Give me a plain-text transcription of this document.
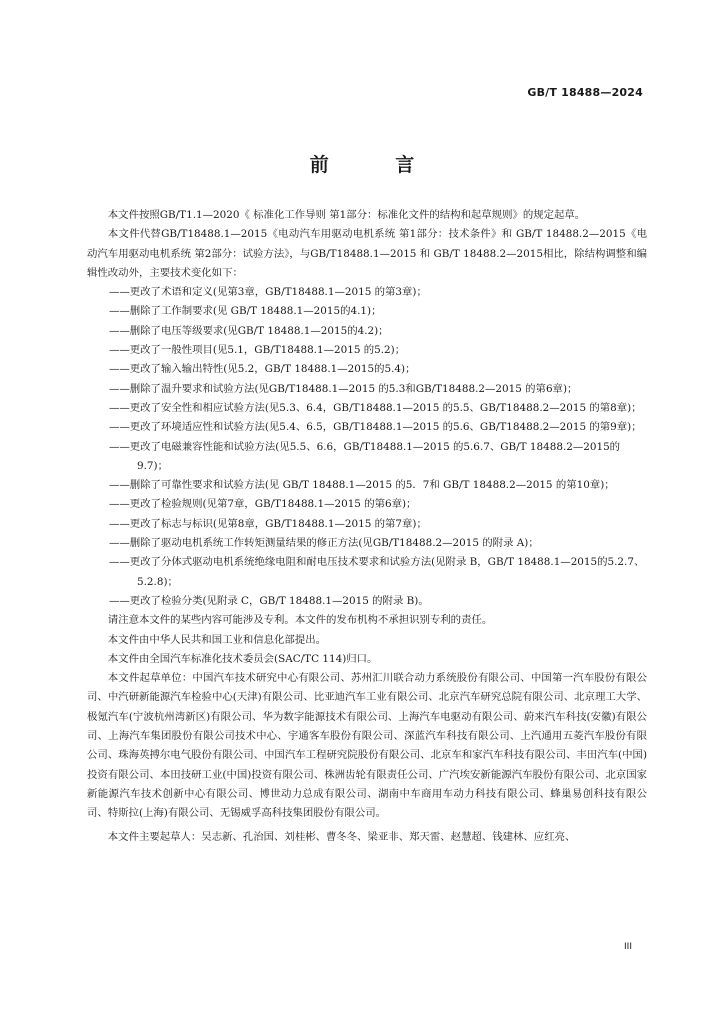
GB/T 18488—2024
前 言

本文件按照GB/T1.1—2020《 标准化工作导则 第1部分：标准化文件的结构和起草规则》的规定起草。

本文件代替GB/T18488.1—2015《电动汽车用驱动电机系统 第1部分：技术条件》和 GB/T 18488.2—2015《电动汽车用驱动电机系统 第2部分：试验方法》，与GB/T18488.1—2015 和 GB/T 18488.2—2015相比，除结构调整和编辑性改动外，主要技术变化如下：

——更改了术语和定义(见第3章，GB/T18488.1—2015 的第3章)；

——删除了工作制要求(见 GB/T 18488.1—2015的4.1)；

——删除了电压等级要求(见GB/T 18488.1—2015的4.2)；

——更改了一般性项目(见5.1，GB/T18488.1—2015 的5.2)；

——更改了输入输出特性(见5.2，GB/T 18488.1—2015的5.4)；

——删除了温升要求和试验方法(见GB/T18488.1—2015 的5.3和GB/T18488.2—2015 的第6章)；

——更改了安全性和相应试验方法(见5.3、6.4，GB/T18488.1—2015 的5.5、GB/T18488.2—2015 的第8章)；

——更改了环境适应性和试验方法(见5.4、6.5，GB/T18488.1—2015 的5.6、GB/T18488.2—2015 的第9章)；

——更改了电磁兼容性能和试验方法(见5.5、6.6，GB/T18488.1—2015 的5.6.7、GB/T 18488.2—2015的9.7)；

——删除了可靠性要求和试验方法(见 GB/T 18488.1—2015 的5．7和 GB/T 18488.2—2015 的第10章)；

——更改了检验规则(见第7章，GB/T18488.1—2015 的第6章)；

——更改了标志与标识(见第8章，GB/T18488.1—2015 的第7章)；

——删除了驱动电机系统工作转矩测量结果的修正方法(见GB/T18488.2—2015 的附录 A)；

——更改了分体式驱动电机系统绝缘电阻和耐电压技术要求和试验方法(见附录 B，GB/T 18488.1—2015的5.2.7、5.2.8)；

——更改了检验分类(见附录 C，GB/T 18488.1—2015 的附录 B)。

请注意本文件的某些内容可能涉及专利。本文件的发布机构不承担识别专利的责任。

本文件由中华人民共和国工业和信息化部提出。

本文件由全国汽车标准化技术委员会(SAC/TC 114)归口。

本文件起草单位：中国汽车技术研究中心有限公司、苏州汇川联合动力系统股份有限公司、中国第一汽车股份有限公司、中汽研新能源汽车检验中心(天津)有限公司、比亚迪汽车工业有限公司、北京汽车研究总院有限公司、北京理工大学、极氪汽车(宁波杭州湾新区)有限公司、华为数字能源技术有限公司、上海汽车电驱动有限公司、蔚来汽车科技(安徽)有限公司、上海汽车集团股份有限公司技术中心、宇通客车股份有限公司、深蓝汽车科技有限公司、上汽通用五菱汽车股份有限公司、珠海英搏尔电气股份有限公司、中国汽车工程研究院股份有限公司、北京车和家汽车科技有限公司、丰田汽车(中国)投资有限公司、本田技研工业(中国)投资有限公司、株洲齿轮有限责任公司、广汽埃安新能源汽车股份有限公司、北京国家新能源汽车技术创新中心有限公司、博世动力总成有限公司、湖南中车商用车动力科技有限公司、蜂巢易创科技有限公司、特斯拉(上海)有限公司、无锡威孚高科技集团股份有限公司。

本文件主要起草人：吴志新、孔治国、刘桂彬、曹冬冬、梁亚非、郑天雷、赵慧超、钱建林、应红亮、

III
